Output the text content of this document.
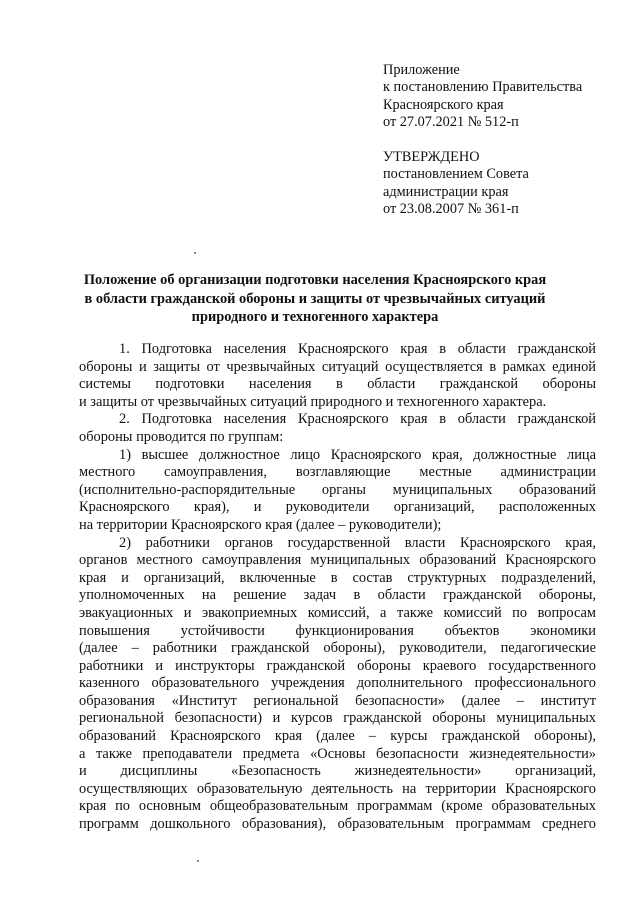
Приложение
к постановлению Правительства
Красноярского края
от 27.07.2021 № 512-п
УТВЕРЖДЕНО
постановлением Совета
администрации края
от 23.08.2007 № 361-п
Положение об организации подготовки населения Красноярского края
в области гражданской обороны и защиты от чрезвычайных ситуаций
природного и техногенного характера
1. Подготовка населения Красноярского края в области гражданской
обороны и защиты от чрезвычайных ситуаций осуществляется в рамках единой
системы подготовки населения в области гражданской обороны
и защиты от чрезвычайных ситуаций природного и техногенного характера.
2. Подготовка населения Красноярского края в области гражданской
обороны проводится по группам:
1) высшее должностное лицо Красноярского края, должностные лица
местного самоуправления, возглавляющие местные администрации
(исполнительно-распорядительные органы муниципальных образований
Красноярского края), и руководители организаций, расположенных
на территории Красноярского края (далее – руководители);
2) работники органов государственной власти Красноярского края,
органов местного самоуправления муниципальных образований Красноярского
края и организаций, включенные в состав структурных подразделений,
уполномоченных на решение задач в области гражданской обороны,
эвакуационных и эвакоприемных комиссий, а также комиссий по вопросам
повышения устойчивости функционирования объектов экономики
(далее – работники гражданской обороны), руководители, педагогические
работники и инструкторы гражданской обороны краевого государственного
казенного образовательного учреждения дополнительного профессионального
образования «Институт региональной безопасности» (далее – институт
региональной безопасности) и курсов гражданской обороны муниципальных
образований Красноярского края (далее – курсы гражданской обороны),
а также преподаватели предмета «Основы безопасности жизнедеятельности»
и дисциплины «Безопасность жизнедеятельности» организаций,
осуществляющих образовательную деятельность на территории Красноярского
края по основным общеобразовательным программам (кроме образовательных
программ дошкольного образования), образовательным программам среднего
